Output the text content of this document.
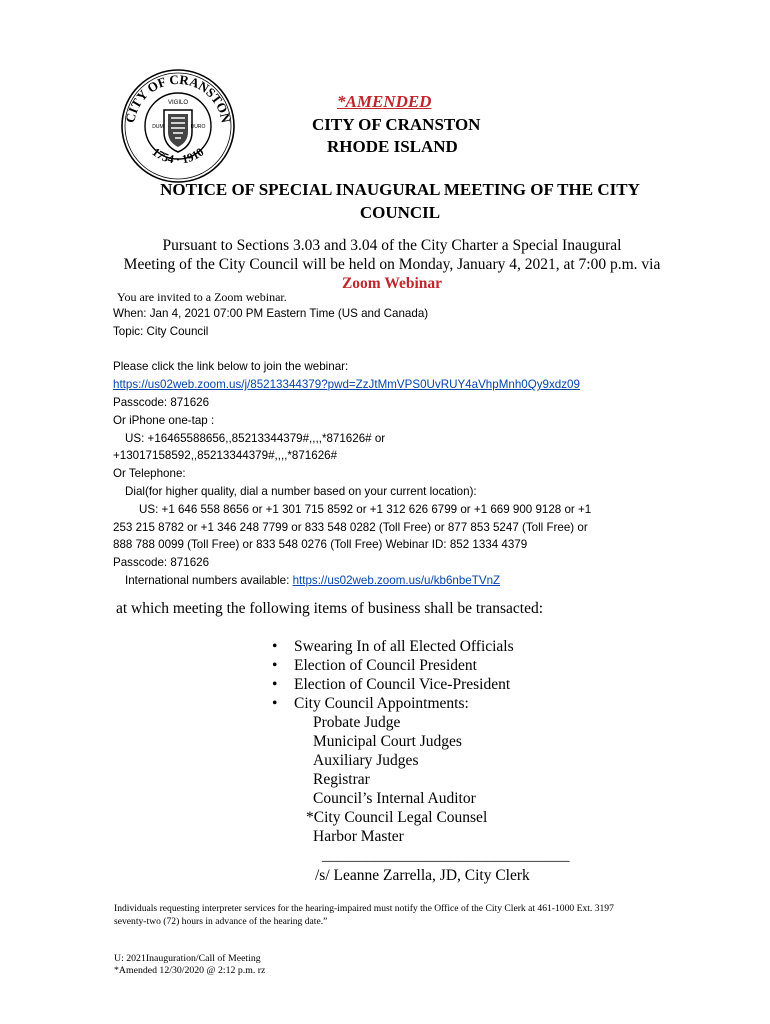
CITY OF CRANSTON
1754 · 1910
VIGILO
DUM	DURO
*AMENDED
CITY OF CRANSTON
RHODE ISLAND
NOTICE OF SPECIAL INAUGURAL MEETING OF THE CITY
COUNCIL
Pursuant to Sections 3.03 and 3.04 of the City Charter a Special Inaugural
Meeting of the City Council will be held on Monday, January 4, 2021, at 7:00 p.m. via
Zoom Webinar
You are invited to a Zoom webinar.
When: Jan 4, 2021 07:00 PM Eastern Time (US and Canada)
Topic: City Council

Please click the link below to join the webinar:
https://us02web.zoom.us/j/85213344379?pwd=ZzJtMmVPS0UvRUY4aVhpMnh0Qy9xdz09
Passcode: 871626
Or iPhone one-tap :
US: +16465588656,,85213344379#,,,,*871626# or
+13017158592,,85213344379#,,,,*871626#
Or Telephone:
Dial(for higher quality, dial a number based on your current location):
US: +1 646 558 8656 or +1 301 715 8592 or +1 312 626 6799 or +1 669 900 9128 or +1
253 215 8782 or +1 346 248 7799 or 833 548 0282 (Toll Free) or 877 853 5247 (Toll Free) or
888 788 0099 (Toll Free) or 833 548 0276 (Toll Free) Webinar ID: 852 1334 4379
Passcode: 871626
International numbers available: https://us02web.zoom.us/u/kb6nbeTVnZ
at which meeting the following items of business shall be transacted:
• Swearing In of all Elected Officials
• Election of Council President
• Election of Council Vice-President
• City Council Appointments:
Probate Judge
Municipal Court Judges
Auxiliary Judges
Registrar
Council’s Internal Auditor
*City Council Legal Counsel
Harbor Master
_________________________________
/s/ Leanne Zarrella, JD, City Clerk
Individuals requesting interpreter services for the hearing-impaired must notify the Office of the City Clerk at 461-1000 Ext. 3197
seventy-two (72) hours in advance of the hearing date.”
U: 2021Inauguration/Call of Meeting
*Amended 12/30/2020 @ 2:12 p.m. rz
